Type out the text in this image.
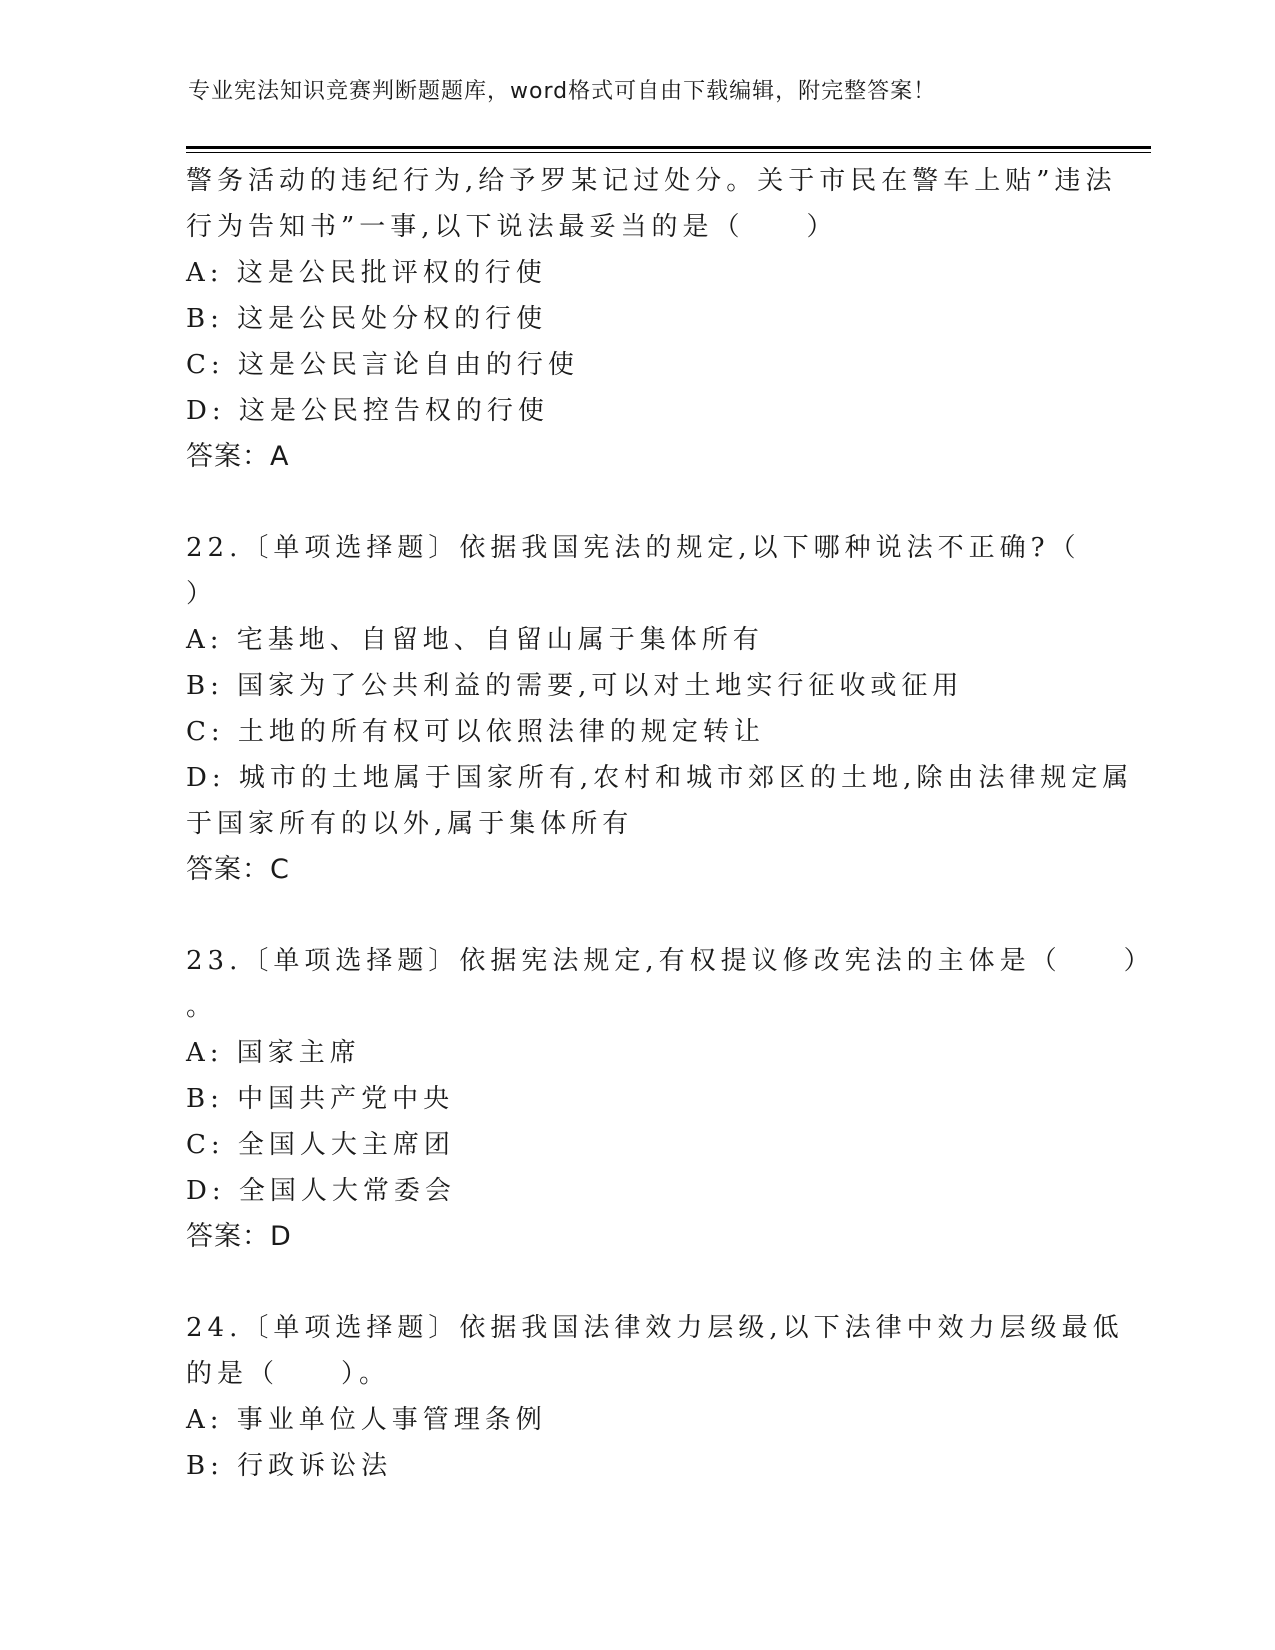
专业宪法知识竞赛判断题题库，word格式可自由下载编辑，附完整答案！
警务活动的违纪行为,给予罗某记过处分。关于市民在警车上贴”违法
行为告知书”一事,以下说法最妥当的是（　　）
A: 这是公民批评权的行使
B: 这是公民处分权的行使
C: 这是公民言论自由的行使
D: 这是公民控告权的行使
答案：A
22.〔单项选择题〕依据我国宪法的规定,以下哪种说法不正确?（
）
A: 宅基地、自留地、自留山属于集体所有
B: 国家为了公共利益的需要,可以对土地实行征收或征用
C: 土地的所有权可以依照法律的规定转让
D: 城市的土地属于国家所有,农村和城市郊区的土地,除由法律规定属
于国家所有的以外,属于集体所有
答案：C
23.〔单项选择题〕依据宪法规定,有权提议修改宪法的主体是（　　）
。
A: 国家主席
B: 中国共产党中央
C: 全国人大主席团
D: 全国人大常委会
答案：D
24.〔单项选择题〕依据我国法律效力层级,以下法律中效力层级最低
的是（　　）。
A: 事业单位人事管理条例
B: 行政诉讼法
